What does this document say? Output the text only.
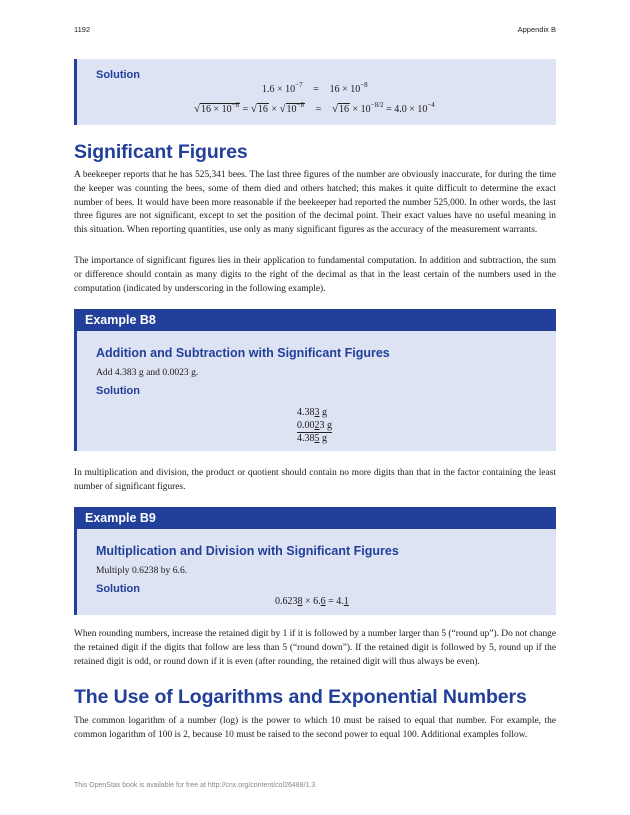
1192	Appendix B
Solution
$1.6 \times 10^{-7} = 16 \times 10^{-8}$
$√16 \times 10^{-8} = √16 \times √10^{-8} = √16 \times 10^{-8/2} = 4.0 \times 10^{-4}$
Significant Figures

A beekeeper reports that he has 525,341 bees. The last three figures of the number are obviously inaccurate, for during the time the keeper was counting the bees, some of them died and others hatched; this makes it quite difficult to determine the exact number of bees. It would have been more reasonable if the beekeeper had reported the number 525,000. In other words, the last three figures are not significant, except to set the position of the decimal point. Their exact values have no useful meaning in this situation. When reporting quantities, use only as many significant figures as the accuracy of the measurement warrants.

The importance of significant figures lies in their application to fundamental computation. In addition and subtraction, the sum or difference should contain as many digits to the right of the decimal as that in the least certain of the numbers used in the computation (indicated by underscoring in the following example).

Example B8
Addition and Subtraction with Significant Figures
Add 4.383 g and 0.0023 g.
Solution
4.383 g
0.0023 g
4.385 g

In multiplication and division, the product or quotient should contain no more digits than that in the factor containing the least number of significant figures.

Example B9
Multiplication and Division with Significant Figures
Multiply 0.6238 by 6.6.
Solution
0.6238 × 6.6 = 4.1

When rounding numbers, increase the retained digit by 1 if it is followed by a number larger than 5 (“round up”). Do not change the retained digit if the digits that follow are less than 5 (“round down”). If the retained digit is followed by 5, round up if the retained digit is odd, or round down if it is even (after rounding, the retained digit will thus always be even).

The Use of Logarithms and Exponential Numbers

The common logarithm of a number (log) is the power to which 10 must be raised to equal that number. For example, the common logarithm of 100 is 2, because 10 must be raised to the second power to equal 100. Additional examples follow.

This OpenStax book is available for free at http://cnx.org/content/col26488/1.3
